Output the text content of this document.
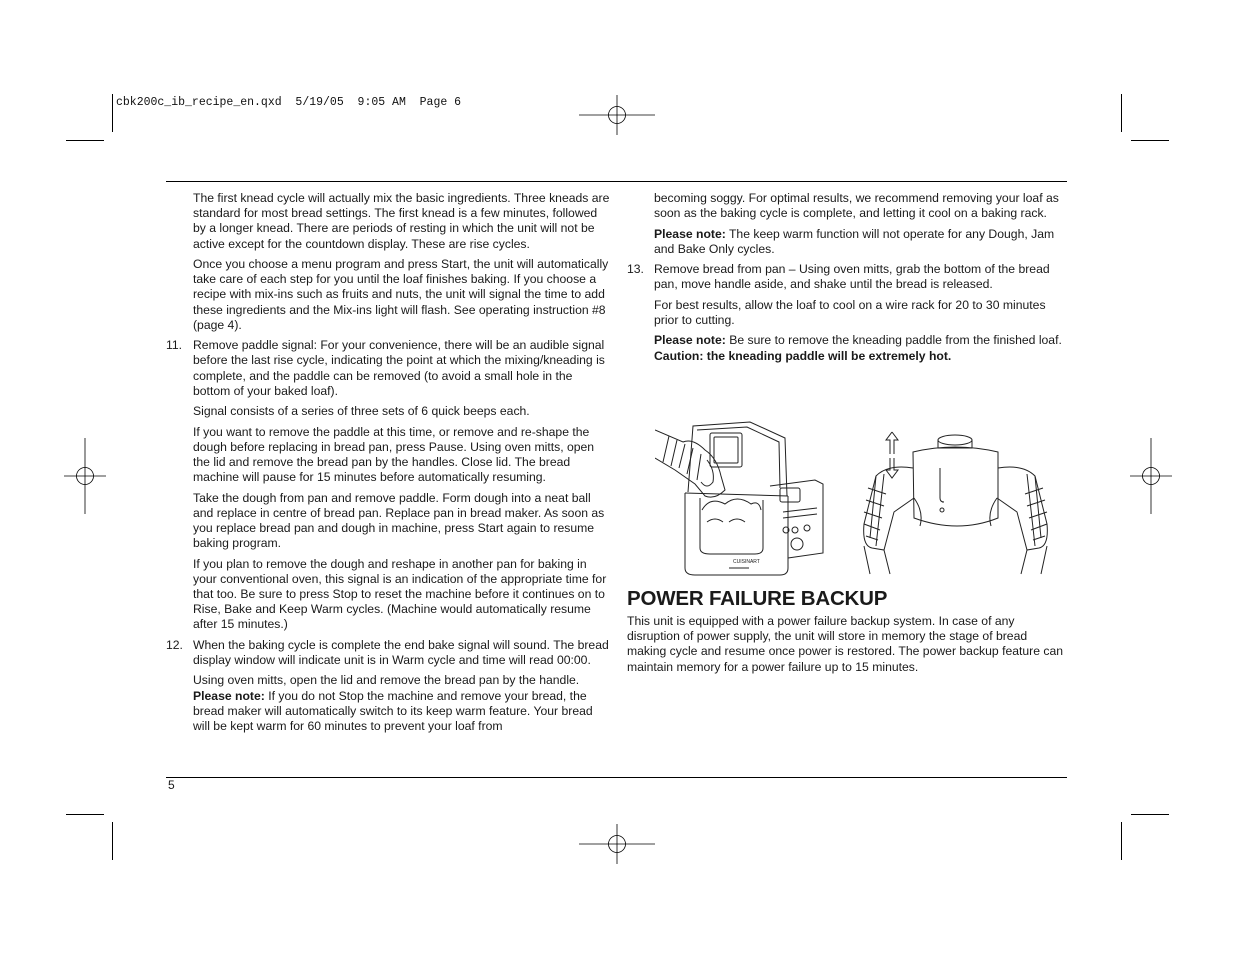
cbk200c_ib_recipe_en.qxd  5/19/05  9:05 AM  Page 6

The first knead cycle will actually mix the basic ingredients. Three kneads are standard for most bread settings. The first knead is a few minutes, followed by a longer knead. There are periods of resting in which the unit will not be active except for the countdown display. These are rise cycles.

Once you choose a menu program and press Start, the unit will automatically take care of each step for you until the loaf finishes baking. If you choose a recipe with mix-ins such as fruits and nuts, the unit will signal the time to add these ingredients and the Mix-ins light will flash. See operating instruction #8 (page 4).

11. Remove paddle signal: For your convenience, there will be an audible signal before the last rise cycle, indicating the point at which the mixing/kneading is complete, and the paddle can be removed (to avoid a small hole in the bottom of your baked loaf).

Signal consists of a series of three sets of 6 quick beeps each.

If you want to remove the paddle at this time, or remove and re-shape the dough before replacing in bread pan, press Pause. Using oven mitts, open the lid and remove the bread pan by the handles. Close lid. The bread machine will pause for 15 minutes before automatically resuming.

Take the dough from pan and remove paddle. Form dough into a neat ball and replace in centre of bread pan. Replace pan in bread maker. As soon as you replace bread pan and dough in machine, press Start again to resume baking program.

If you plan to remove the dough and reshape in another pan for baking in your conventional oven, this signal is an indication of the appropriate time for that too. Be sure to press Stop to reset the machine before it continues on to Rise, Bake and Keep Warm cycles. (Machine would automatically resume after 15 minutes.)

12. When the baking cycle is complete the end bake signal will sound. The bread display window will indicate unit is in Warm cycle and time will read 00:00.

Using oven mitts, open the lid and remove the bread pan by the handle.
Please note: If you do not Stop the machine and remove your bread, the bread maker will automatically switch to its keep warm feature. Your bread will be kept warm for 60 minutes to prevent your loaf from

becoming soggy. For optimal results, we recommend removing your loaf as soon as the baking cycle is complete, and letting it cool on a baking rack.

Please note: The keep warm function will not operate for any Dough, Jam and Bake Only cycles.

13. Remove bread from pan – Using oven mitts, grab the bottom of the bread pan, move handle aside, and shake until the bread is released.

For best results, allow the loaf to cool on a wire rack for 20 to 30 minutes prior to cutting.

Please note: Be sure to remove the kneading paddle from the finished loaf. Caution: the kneading paddle will be extremely hot.

CUISINART
POWER FAILURE BACKUP

This unit is equipped with a power failure backup system. In case of any disruption of power supply, the unit will store in memory the stage of bread making cycle and resume once power is restored. The power backup feature can maintain memory for a power failure up to 15 minutes.

5
